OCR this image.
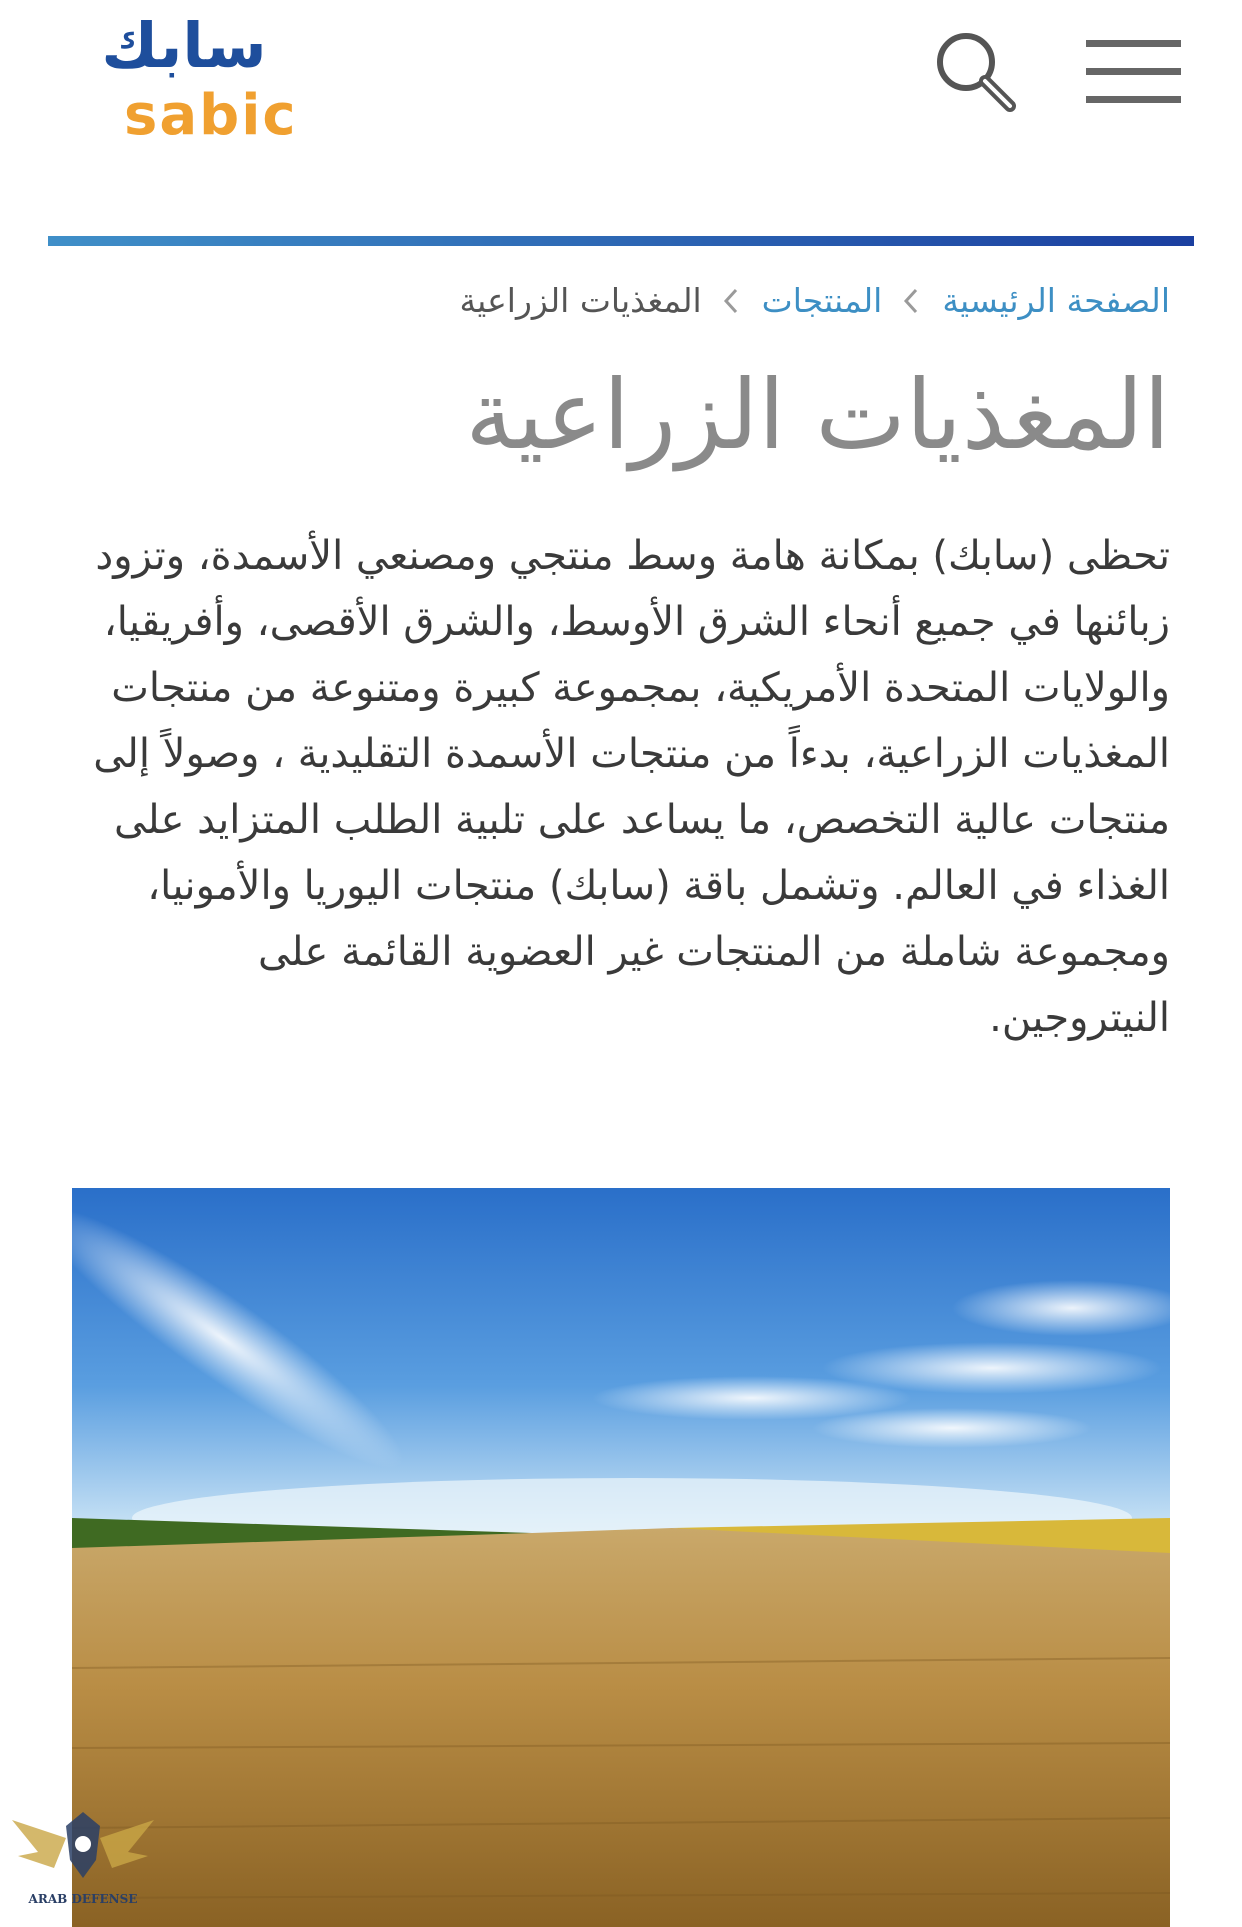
سابك
sabic
الصفحة الرئيسية
المنتجات
المغذيات الزراعية
المغذيات الزراعية

تحظى (سابك) بمكانة هامة وسط منتجي ومصنعي الأسمدة، وتزود زبائنها في جميع أنحاء الشرق الأوسط، والشرق الأقصى، وأفريقيا، والولايات المتحدة الأمريكية، بمجموعة كبيرة ومتنوعة من منتجات المغذيات الزراعية، بدءاً من منتجات الأسمدة التقليدية ، وصولاً إلى منتجات عالية التخصص، ما يساعد على تلبية الطلب المتزايد على الغذاء في العالم. وتشمل باقة (سابك) منتجات اليوريا والأمونيا، ومجموعة شاملة من المنتجات غير العضوية القائمة على النيتروجين.

ARAB DEFENSE
